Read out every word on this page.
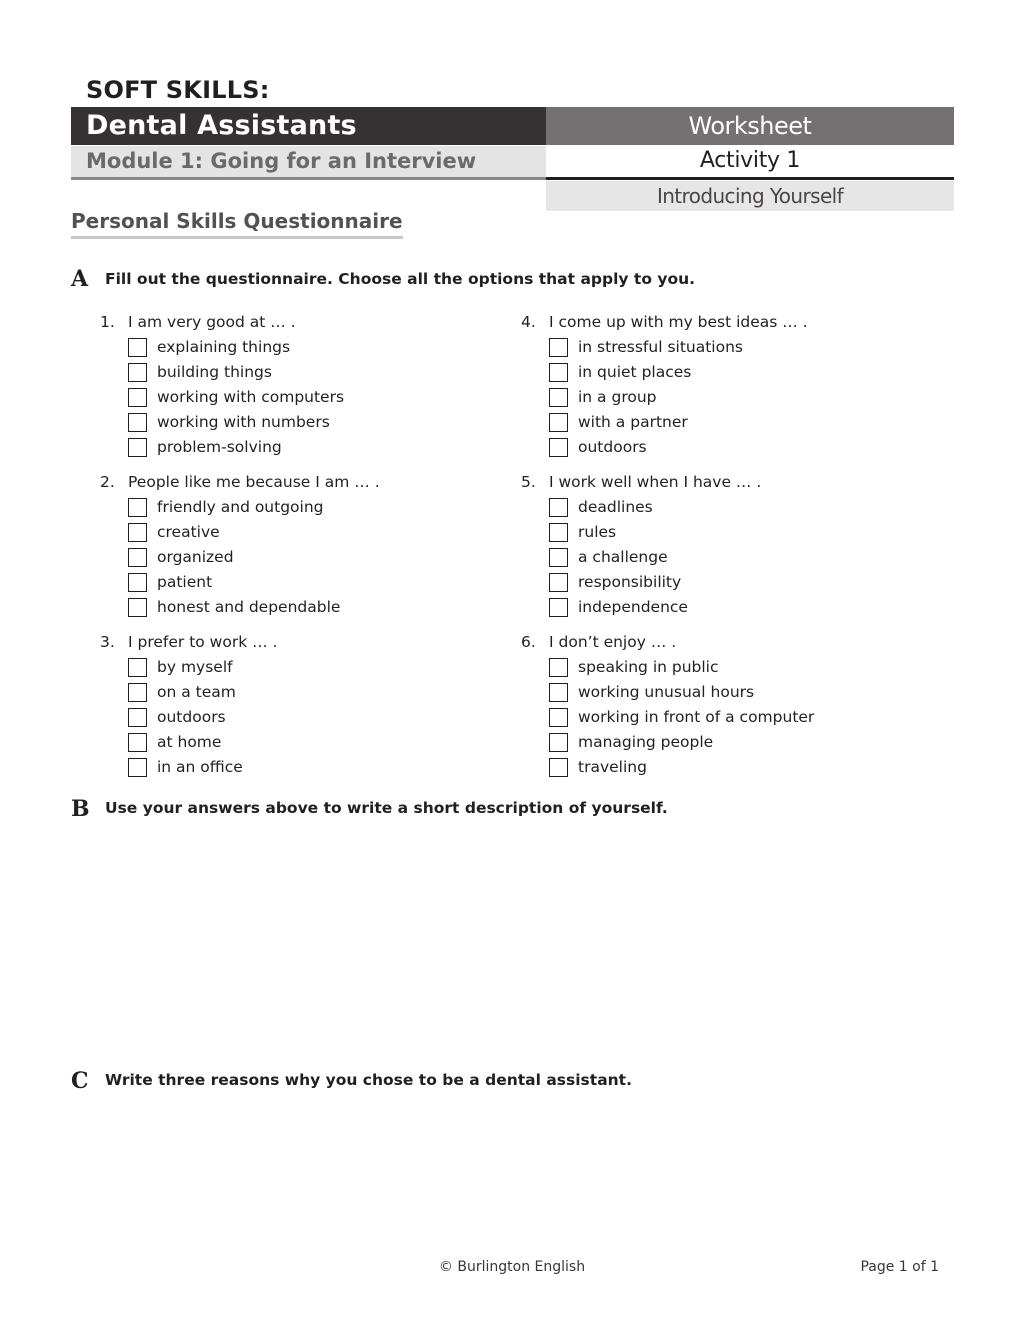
SOFT SKILLS:
Dental Assistants	Worksheet
Module 1: Going for an Interview	Activity 1
Introducing Yourself
Personal Skills Questionnaire
A Fill out the questionnaire. Choose all the options that apply to you.
1. I am very good at … .
explaining things
building things
working with computers
working with numbers
problem-solving
2. People like me because I am … .
friendly and outgoing
creative
organized
patient
honest and dependable
3. I prefer to work … .
by myself
on a team
outdoors
at home
in an office
4. I come up with my best ideas … .
in stressful situations
in quiet places
in a group
with a partner
outdoors
5. I work well when I have … .
deadlines
rules
a challenge
responsibility
independence
6. I don’t enjoy … .
speaking in public
working unusual hours
working in front of a computer
managing people
traveling
B Use your answers above to write a short description of yourself.
C Write three reasons why you chose to be a dental assistant.
© Burlington English	Page 1 of 1
